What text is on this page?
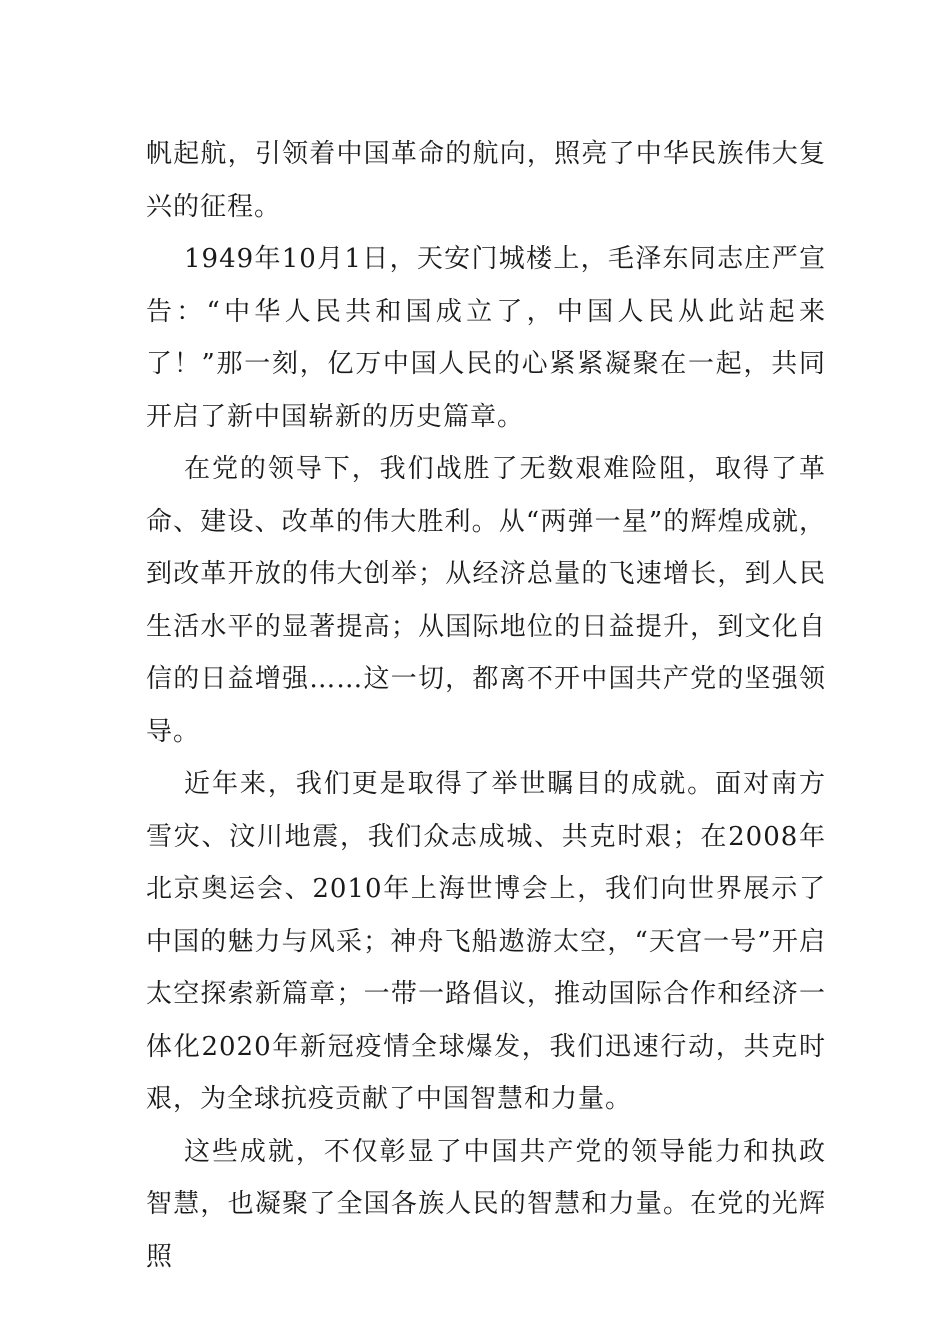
帆起航，引领着中国革命的航向，照亮了中华民族伟大复兴的征程。

1949年10月1日，天安门城楼上，毛泽东同志庄严宣告：“中华人民共和国成立了，中国人民从此站起来了！”那一刻，亿万中国人民的心紧紧凝聚在一起，共同开启了新中国崭新的历史篇章。

在党的领导下，我们战胜了无数艰难险阻，取得了革命、建设、改革的伟大胜利。从“两弹一星”的辉煌成就，到改革开放的伟大创举；从经济总量的飞速增长，到人民生活水平的显著提高；从国际地位的日益提升，到文化自信的日益增强……这一切，都离不开中国共产党的坚强领导。

近年来，我们更是取得了举世瞩目的成就。面对南方雪灾、汶川地震，我们众志成城、共克时艰；在2008年北京奥运会、2010年上海世博会上，我们向世界展示了中国的魅力与风采；神舟飞船遨游太空，“天宫一号”开启太空探索新篇章；一带一路倡议，推动国际合作和经济一体化2020年新冠疫情全球爆发，我们迅速行动，共克时艰，为全球抗疫贡献了中国智慧和力量。

这些成就，不仅彰显了中国共产党的领导能力和执政智慧，也凝聚了全国各族人民的智慧和力量。在党的光辉照
